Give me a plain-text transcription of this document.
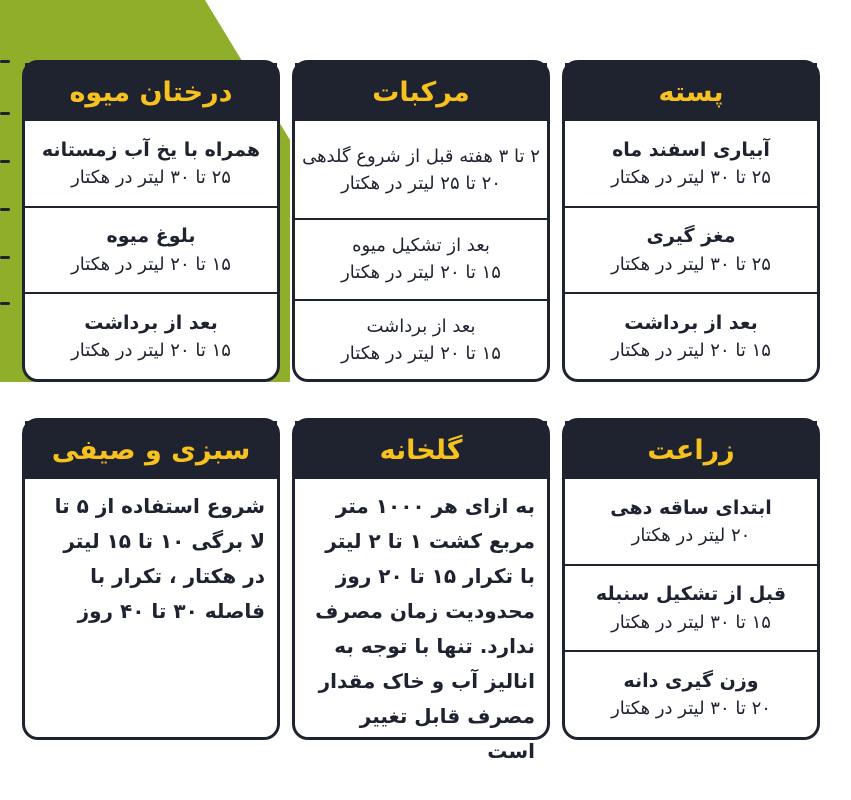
پسته
آبیاری اسفند ماه
۲۵ تا ۳۰ لیتر در هکتار
مغز گیری
۲۵ تا ۳۰ لیتر در هکتار
بعد از برداشت
۱۵ تا ۲۰ لیتر در هکتار
مرکبات
۲ تا ۳ هفته قبل از شروع گلدهی ۲۰ تا ۲۵ لیتر در هکتار
بعد از تشکیل میوه
۱۵ تا ۲۰ لیتر در هکتار
بعد از برداشت
۱۵ تا ۲۰ لیتر در هکتار
درختان میوه
همراه با یخ آب زمستانه
۲۵ تا ۳۰ لیتر در هکتار
بلوغ میوه
۱۵ تا ۲۰ لیتر در هکتار
بعد از برداشت
۱۵ تا ۲۰ لیتر در هکتار
زراعت
ابتدای ساقه دهی
۲۰ لیتر در هکتار
قبل از تشکیل سنبله
۱۵ تا ۳۰ لیتر در هکتار
وزن گیری دانه
۲۰ تا ۳۰ لیتر در هکتار
گلخانه
به ازای هر ۱۰۰۰ متر مربع کشت ۱ تا ۲ لیتر با تکرار ۱۵ تا ۲۰ روز محدودیت زمان مصرف ندارد. تنها با توجه به انالیز آب و خاک مقدار مصرف قابل تغییر است
سبزی و صیفی
شروع استفاده از ۵ تا لا برگی ۱۰ تا ۱۵ لیتر در هکتار ، تکرار با فاصله ۳۰ تا ۴۰ روز
